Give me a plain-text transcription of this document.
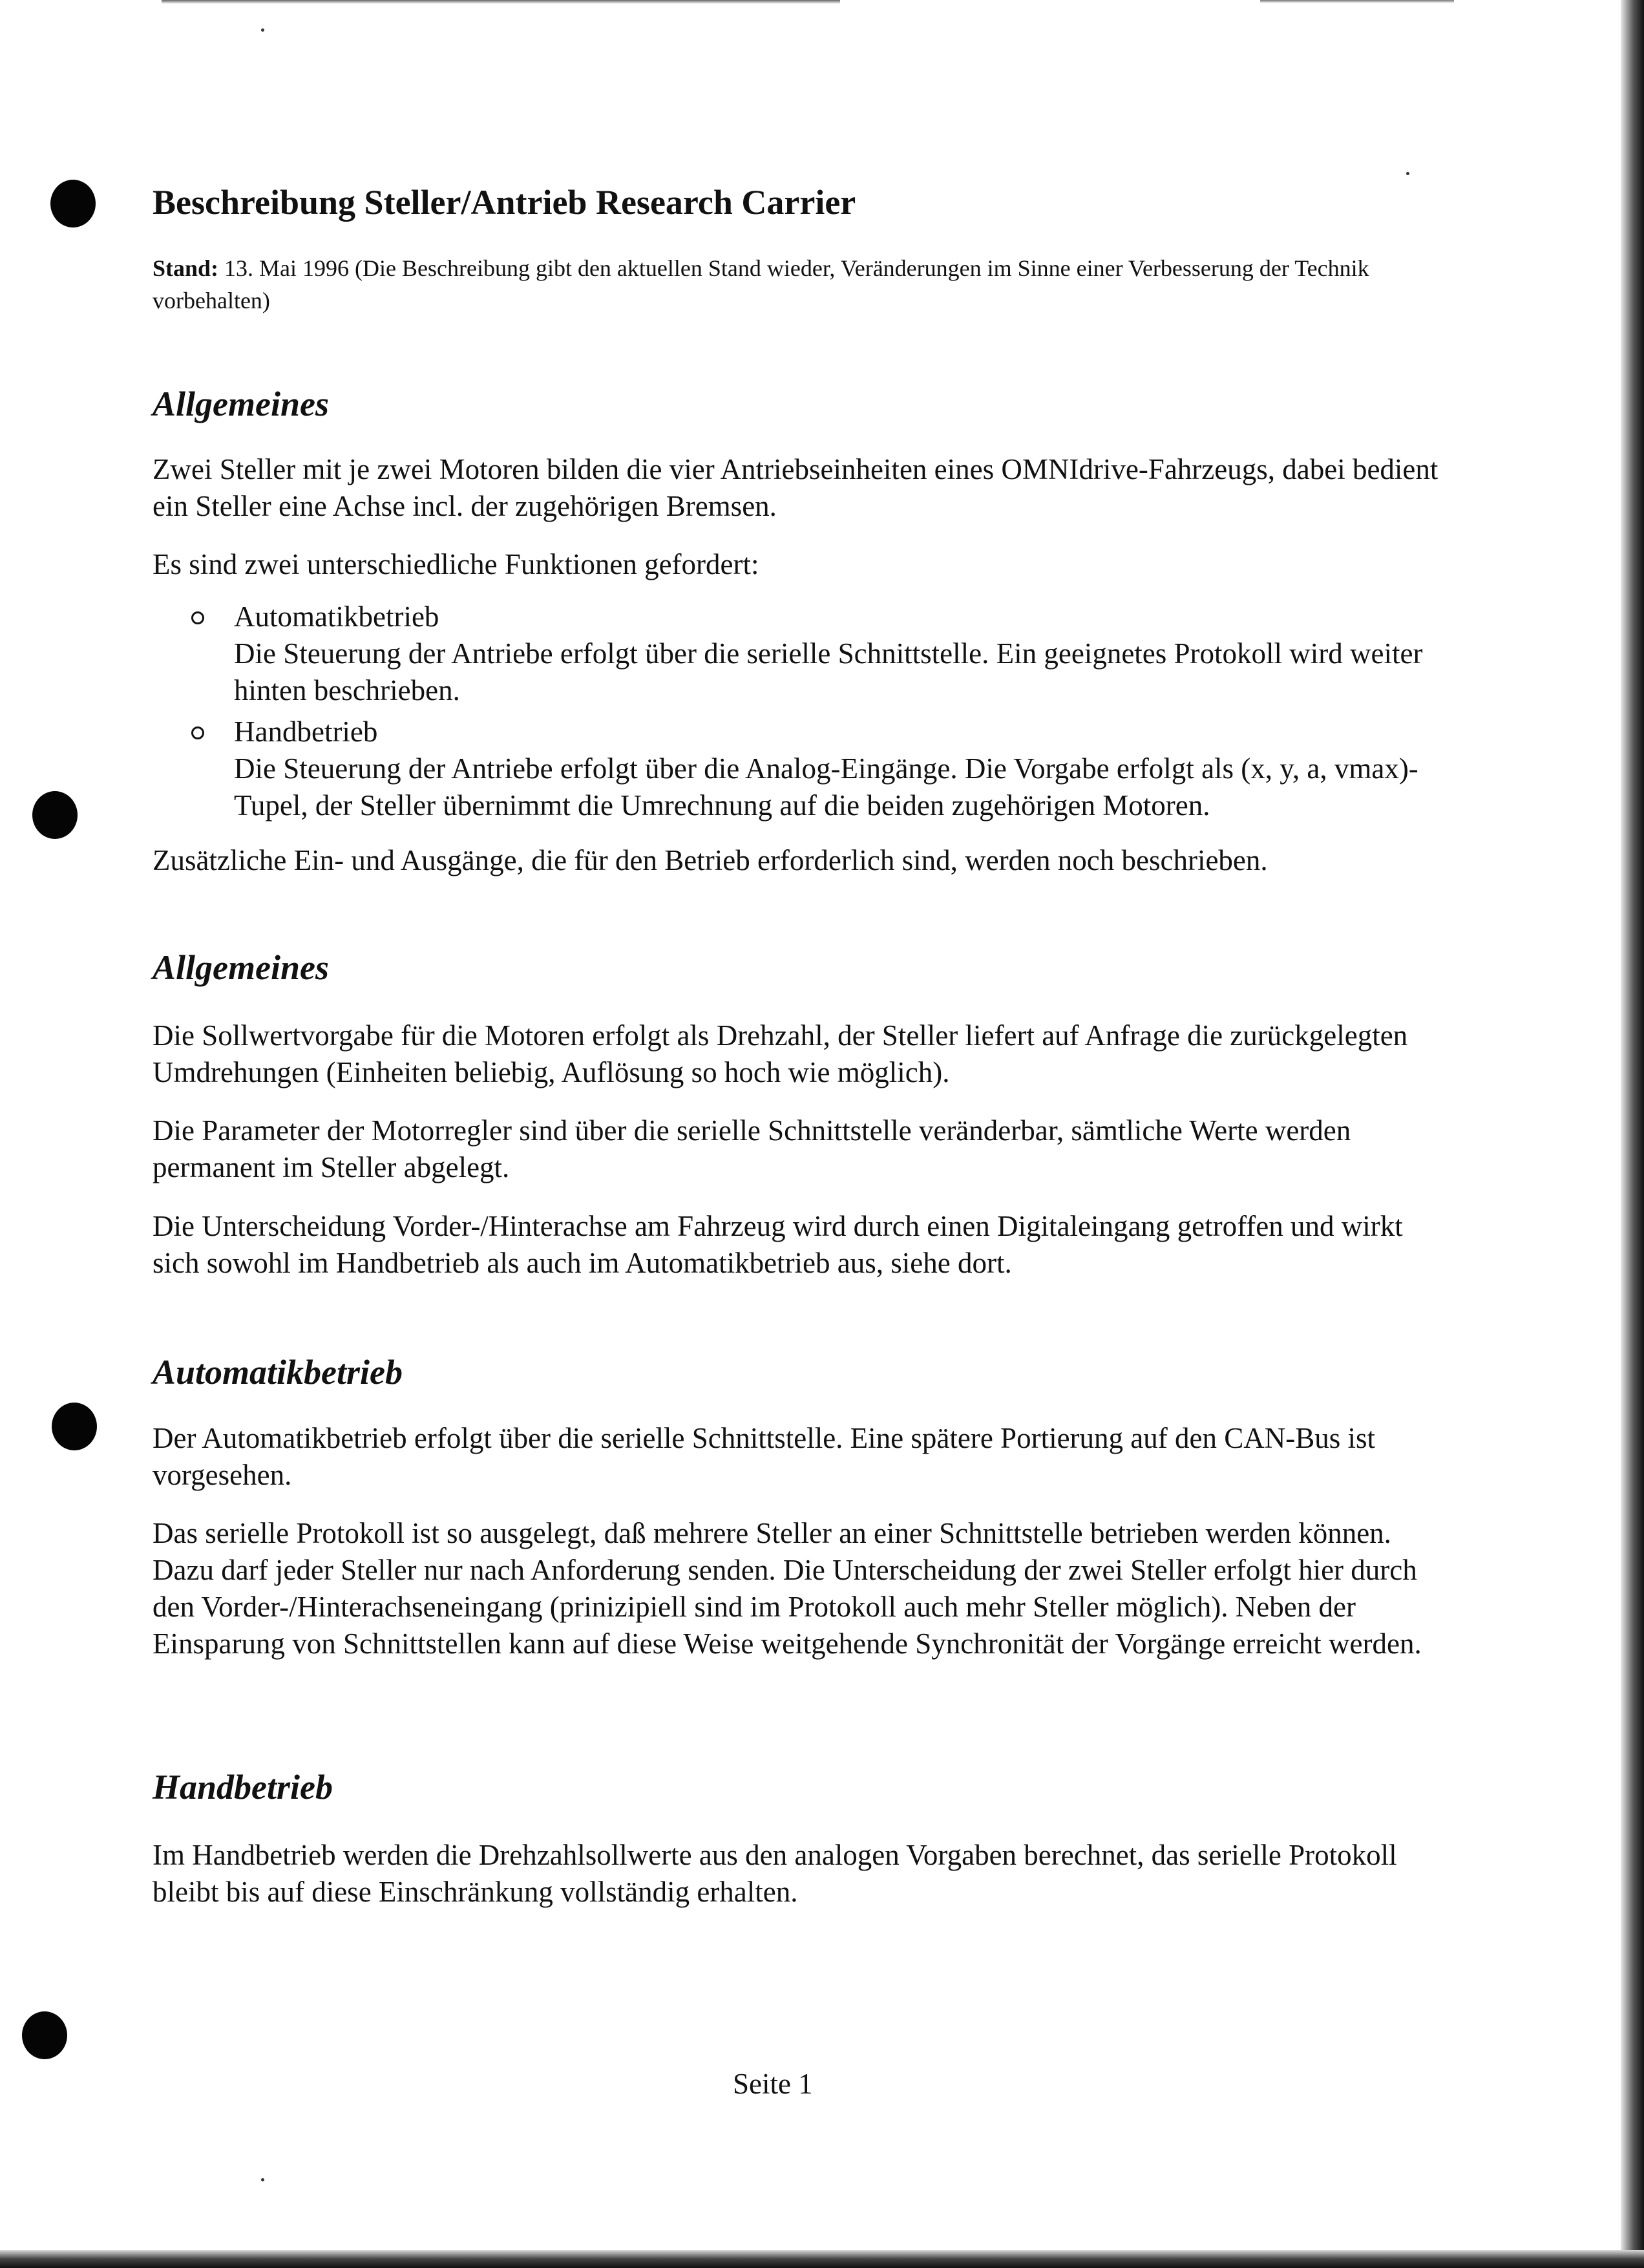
Beschreibung Steller/Antrieb Research Carrier

Stand: 13. Mai 1996 (Die Beschreibung gibt den aktuellen Stand wieder, Veränderungen im Sinne einer Verbesserung der Technik vorbehalten)

Allgemeines

Zwei Steller mit je zwei Motoren bilden die vier Antriebseinheiten eines OMNIdrive-Fahrzeugs, dabei bedient ein Steller eine Achse incl. der zugehörigen Bremsen.

Es sind zwei unterschiedliche Funktionen gefordert:

Automatikbetrieb
Die Steuerung der Antriebe erfolgt über die serielle Schnittstelle. Ein geeignetes Protokoll wird weiter hinten beschrieben.
Handbetrieb
Die Steuerung der Antriebe erfolgt über die Analog-Eingänge. Die Vorgabe erfolgt als (x, y, a, vmax)-Tupel, der Steller übernimmt die Umrechnung auf die beiden zugehörigen Motoren.

Zusätzliche Ein- und Ausgänge, die für den Betrieb erforderlich sind, werden noch beschrieben.

Allgemeines

Die Sollwertvorgabe für die Motoren erfolgt als Drehzahl, der Steller liefert auf Anfrage die zurückgelegten Umdrehungen (Einheiten beliebig, Auflösung so hoch wie möglich).

Die Parameter der Motorregler sind über die serielle Schnittstelle veränderbar, sämtliche Werte werden permanent im Steller abgelegt.

Die Unterscheidung Vorder-/Hinterachse am Fahrzeug wird durch einen Digitaleingang getroffen und wirkt sich sowohl im Handbetrieb als auch im Automatikbetrieb aus, siehe dort.

Automatikbetrieb

Der Automatikbetrieb erfolgt über die serielle Schnittstelle. Eine spätere Portierung auf den CAN-Bus ist vorgesehen.

Das serielle Protokoll ist so ausgelegt, daß mehrere Steller an einer Schnittstelle betrieben werden können. Dazu darf jeder Steller nur nach Anforderung senden. Die Unterscheidung der zwei Steller erfolgt hier durch den Vorder-/Hinterachseneingang (prinizipiell sind im Protokoll auch mehr Steller möglich). Neben der Einsparung von Schnittstellen kann auf diese Weise weitgehende Synchronität der Vorgänge erreicht werden.

Handbetrieb

Im Handbetrieb werden die Drehzahlsollwerte aus den analogen Vorgaben berechnet, das serielle Protokoll bleibt bis auf diese Einschränkung vollständig erhalten.

Seite 1
